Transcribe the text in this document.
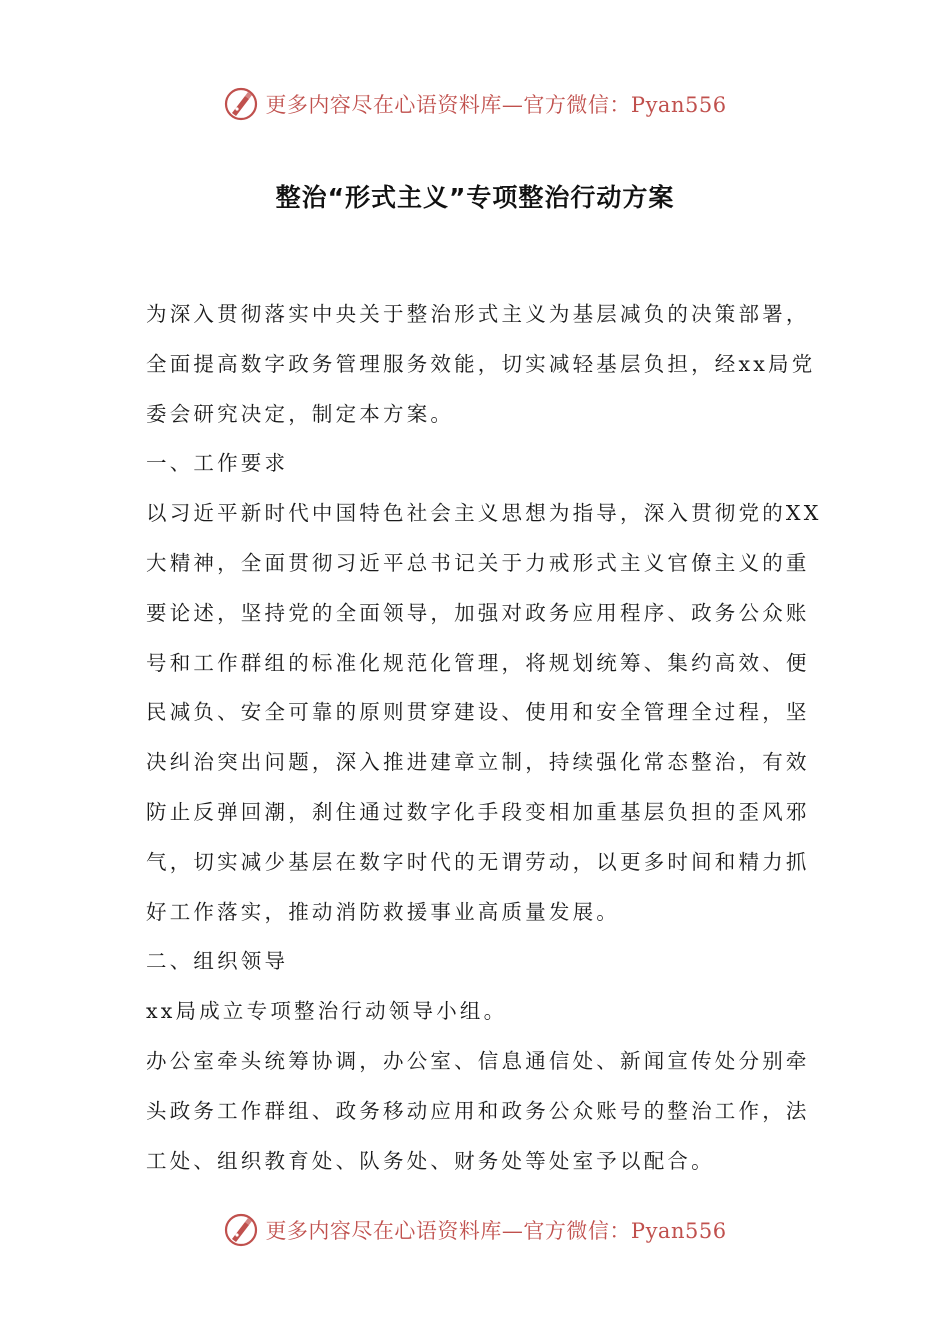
更多内容尽在心语资料库—官方微信：Pyan556
整治“形式主义”专项整治行动方案

为深入贯彻落实中央关于整治形式主义为基层减负的决策部署，全面提高数字政务管理服务效能，切实减轻基层负担，经xx局党委会研究决定，制定本方案。

一、工作要求

以习近平新时代中国特色社会主义思想为指导，深入贯彻党的XX大精神，全面贯彻习近平总书记关于力戒形式主义官僚主义的重要论述，坚持党的全面领导，加强对政务应用程序、政务公众账号和工作群组的标准化规范化管理，将规划统筹、集约高效、便民减负、安全可靠的原则贯穿建设、使用和安全管理全过程，坚决纠治突出问题，深入推进建章立制，持续强化常态整治，有效防止反弹回潮，刹住通过数字化手段变相加重基层负担的歪风邪气，切实减少基层在数字时代的无谓劳动，以更多时间和精力抓好工作落实，推动消防救援事业高质量发展。

二、组织领导

xx局成立专项整治行动领导小组。

办公室牵头统筹协调，办公室、信息通信处、新闻宣传处分别牵头政务工作群组、政务移动应用和政务公众账号的整治工作，法工处、组织教育处、队务处、财务处等处室予以配合。

更多内容尽在心语资料库—官方微信：Pyan556
